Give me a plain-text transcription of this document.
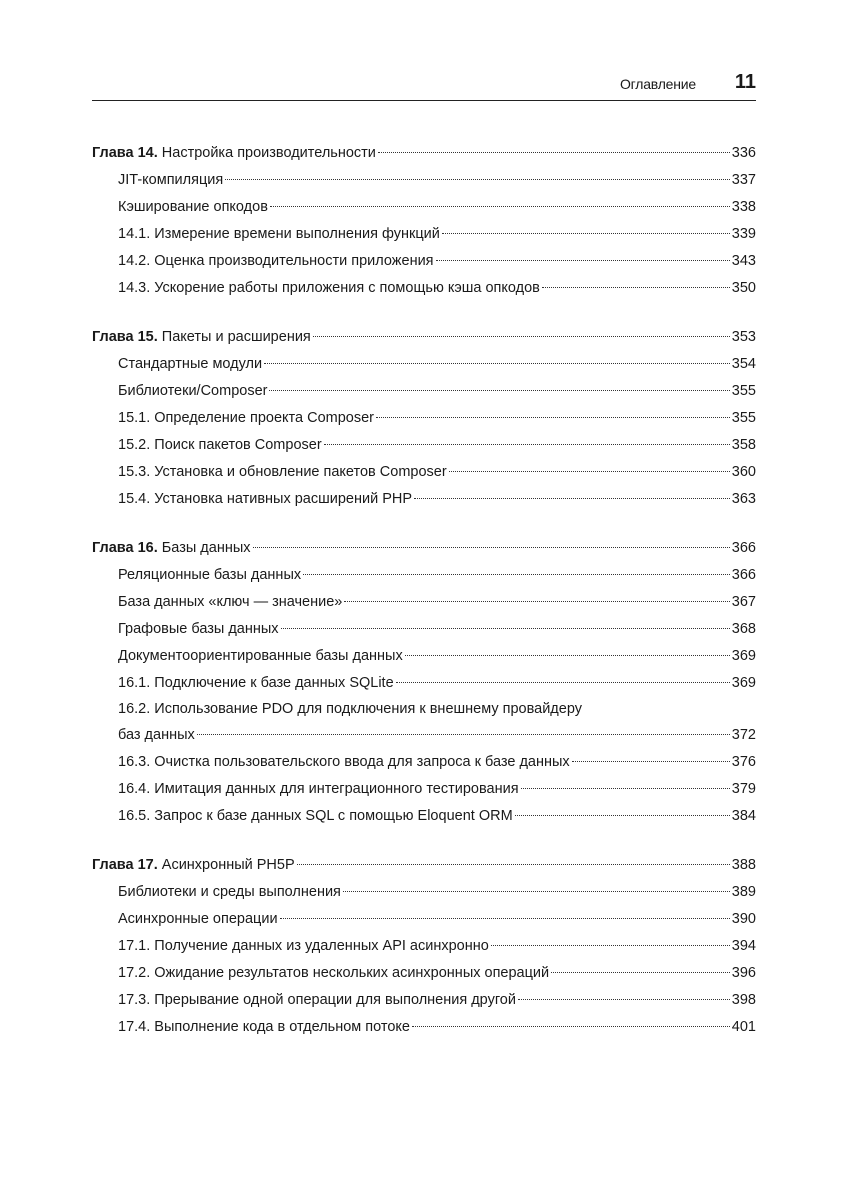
Оглавление 11
Глава 14. Настройка производительности	336
JIT-компиляция	337
Кэширование опкодов	338
14.1. Измерение времени выполнения функций	339
14.2. Оценка производительности приложения	343
14.3. Ускорение работы приложения с помощью кэша опкодов	350
Глава 15. Пакеты и расширения	353
Стандартные модули	354
Библиотеки/Composer	355
15.1. Определение проекта Composer	355
15.2. Поиск пакетов Composer	358
15.3. Установка и обновление пакетов Composer	360
15.4. Установка нативных расширений PHP	363
Глава 16. Базы данных	366
Реляционные базы данных	366
База данных «ключ — значение»	367
Графовые базы данных	368
Документоориентированные базы данных	369
16.1. Подключение к базе данных SQLite	369
16.2. Использование PDO для подключения к внешнему провайдеру
баз данных	372
16.3. Очистка пользовательского ввода для запроса к базе данных	376
16.4. Имитация данных для интеграционного тестирования	379
16.5. Запрос к базе данных SQL с помощью Eloquent ORM	384
Глава 17. Асинхронный PH5P	388
Библиотеки и среды выполнения	389
Асинхронные операции	390
17.1. Получение данных из удаленных API асинхронно	394
17.2. Ожидание результатов нескольких асинхронных операций	396
17.3. Прерывание одной операции для выполнения другой	398
17.4. Выполнение кода в отдельном потоке	401
